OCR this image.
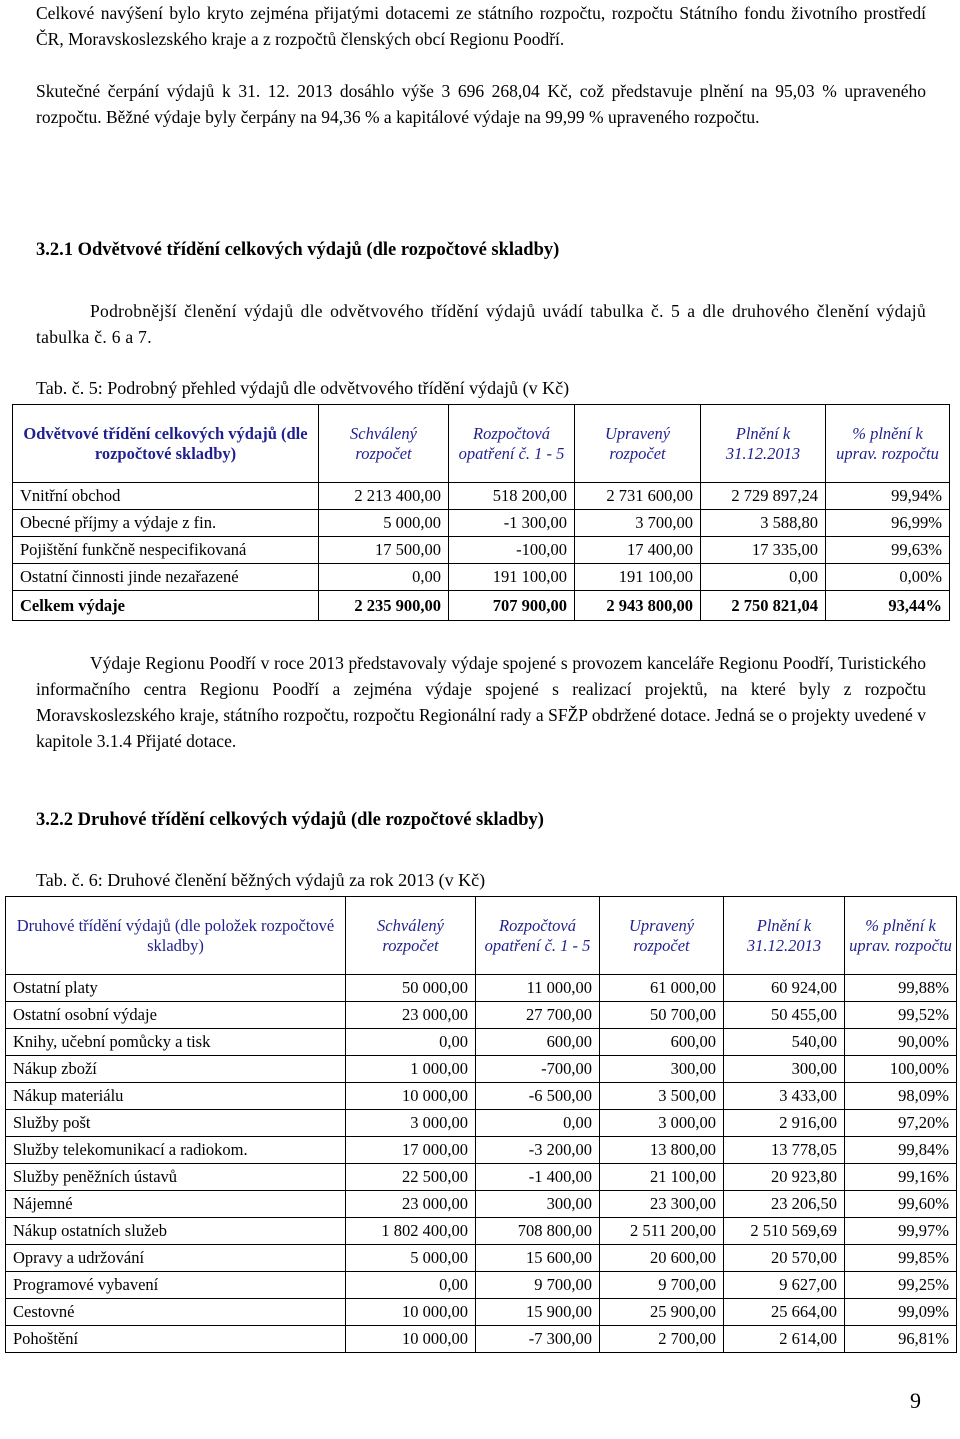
Celkové navýšení bylo kryto zejména přijatými dotacemi ze státního rozpočtu, rozpočtu Státního fondu životního prostředí ČR, Moravskoslezského kraje a z rozpočtů členských obcí Regionu Poodří.
Skutečné čerpání výdajů k 31. 12. 2013 dosáhlo výše 3 696 268,04 Kč, což představuje plnění na 95,03 % upraveného rozpočtu. Běžné výdaje byly čerpány na 94,36 % a kapitálové výdaje na 99,99 % upraveného rozpočtu.
3.2.1 Odvětvové třídění celkových výdajů (dle rozpočtové skladby)
Podrobnější členění výdajů dle odvětvového třídění výdajů uvádí tabulka č. 5 a dle druhového členění výdajů tabulka č. 6 a 7.
Tab. č. 5: Podrobný přehled výdajů dle odvětvového třídění výdajů (v Kč)
Odvětvové třídění celkových výdajů (dle rozpočtové skladby)	Schválený rozpočet	Rozpočtová opatření č. 1 - 5	Upravený rozpočet	Plnění k 31.12.2013	% plnění k uprav. rozpočtu
Vnitřní obchod	2 213 400,00	518 200,00	2 731 600,00	2 729 897,24	99,94%
Obecné příjmy a výdaje z fin.	5 000,00	-1 300,00	3 700,00	3 588,80	96,99%
Pojištění funkčně nespecifikovaná	17 500,00	-100,00	17 400,00	17 335,00	99,63%
Ostatní činnosti jinde nezařazené	0,00	191 100,00	191 100,00	0,00	0,00%
Celkem výdaje	2 235 900,00	707 900,00	2 943 800,00	2 750 821,04	93,44%
Výdaje Regionu Poodří v roce 2013 představovaly výdaje spojené s provozem kanceláře Regionu Poodří, Turistického informačního centra Regionu Poodří a zejména výdaje spojené s realizací projektů, na které byly z rozpočtu Moravskoslezského kraje, státního rozpočtu, rozpočtu Regionální rady a SFŽP obdržené dotace. Jedná se o projekty uvedené v kapitole 3.1.4 Přijaté dotace.
3.2.2 Druhové třídění celkových výdajů (dle rozpočtové skladby)
Tab. č. 6: Druhové členění běžných výdajů za rok 2013 (v Kč)
Druhové třídění výdajů (dle položek rozpočtové skladby)	Schválený rozpočet	Rozpočtová opatření č. 1 - 5	Upravený rozpočet	Plnění k 31.12.2013	% plnění k uprav. rozpočtu
Ostatní platy	50 000,00	11 000,00	61 000,00	60 924,00	99,88%
Ostatní osobní výdaje	23 000,00	27 700,00	50 700,00	50 455,00	99,52%
Knihy, učební pomůcky a tisk	0,00	600,00	600,00	540,00	90,00%
Nákup zboží	1 000,00	-700,00	300,00	300,00	100,00%
Nákup materiálu	10 000,00	-6 500,00	3 500,00	3 433,00	98,09%
Služby pošt	3 000,00	0,00	3 000,00	2 916,00	97,20%
Služby telekomunikací a radiokom.	17 000,00	-3 200,00	13 800,00	13 778,05	99,84%
Služby peněžních ústavů	22 500,00	-1 400,00	21 100,00	20 923,80	99,16%
Nájemné	23 000,00	300,00	23 300,00	23 206,50	99,60%
Nákup ostatních služeb	1 802 400,00	708 800,00	2 511 200,00	2 510 569,69	99,97%
Opravy a udržování	5 000,00	15 600,00	20 600,00	20 570,00	99,85%
Programové vybavení	0,00	9 700,00	9 700,00	9 627,00	99,25%
Cestovné	10 000,00	15 900,00	25 900,00	25 664,00	99,09%
Pohoštění	10 000,00	-7 300,00	2 700,00	2 614,00	96,81%
9
